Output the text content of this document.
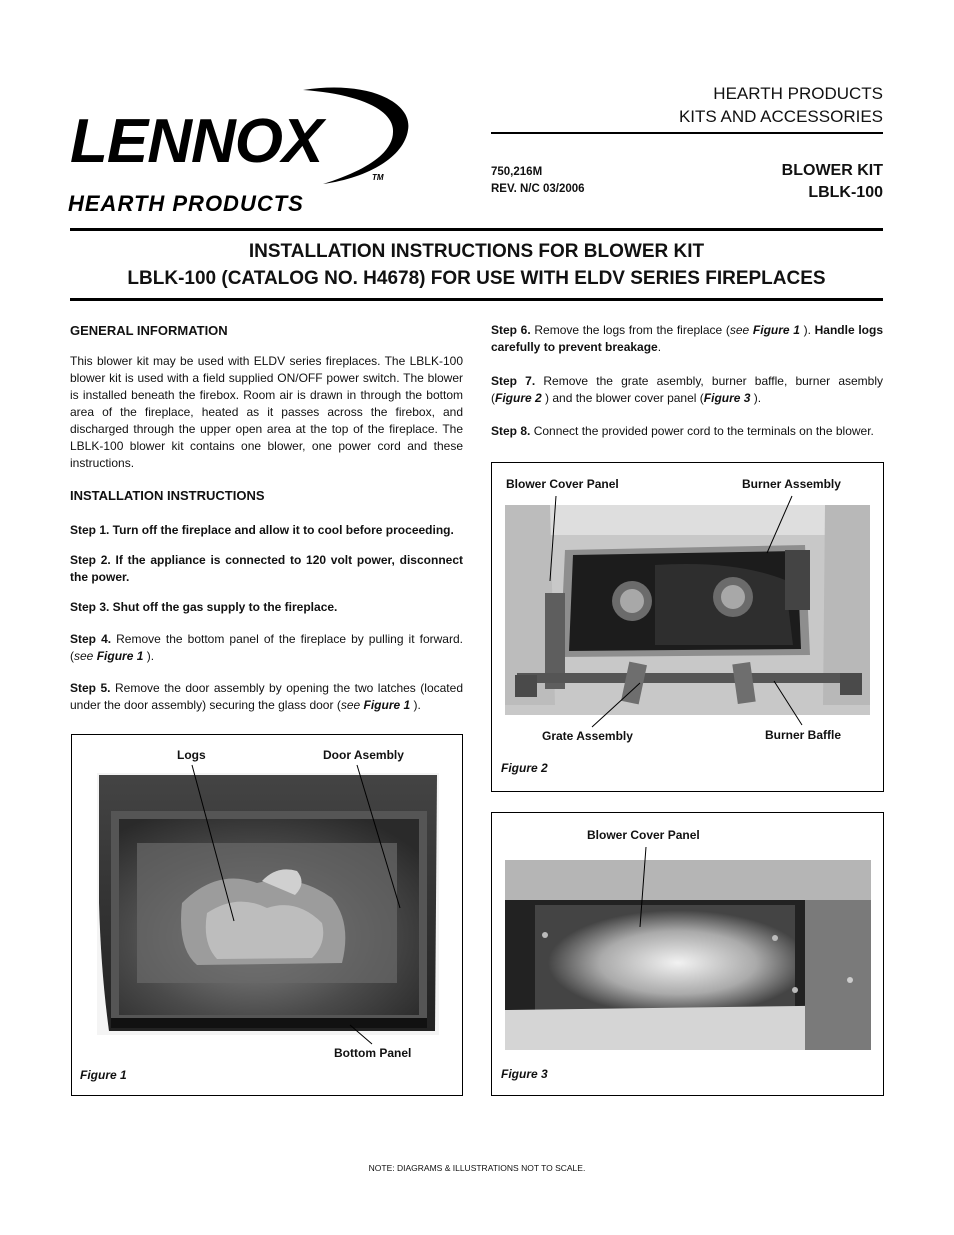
LENNOX
TM
HEARTH PRODUCTS
HEARTH PRODUCTS
KITS AND ACCESSORIES
750,216M
REV. N/C 03/2006
BLOWER KIT
LBLK-100
INSTALLATION INSTRUCTIONS FOR BLOWER KIT
LBLK-100 (CATALOG NO. H4678) FOR USE WITH ELDV SERIES FIREPLACES
GENERAL INFORMATION

This blower kit may be used with ELDV series fireplaces. The LBLK-100 blower kit is used with a field supplied ON/OFF power switch. The blower is installed beneath the firebox. Room air is drawn in through the bottom area of the fireplace, heated as it passes across the firebox, and discharged through the upper open area at the top of the fireplace. The LBLK-100 blower kit contains one blower, one power cord and these instructions.

INSTALLATION INSTRUCTIONS

Step 1. Turn off the fireplace and allow it to cool before proceeding.

Step 2. If the appliance is connected to 120 volt power, disconnect the power.

Step 3. Shut off the gas supply to the fireplace.

Step 4. Remove the bottom panel of the fireplace by pulling it forward. (see Figure 1 ).

Step 5. Remove the door assembly by opening the two latches (located under the door assembly) securing the glass door (see Figure 1 ).

Step 6. Remove the logs from the fireplace (see Figure 1 ). Handle logs carefully to prevent breakage.

Step 7. Remove the grate asembly, burner baffle, burner asembly (Figure 2 ) and the blower cover panel (Figure 3 ).

Step 8. Connect the provided power cord to the terminals on the blower.

Logs	Door Asembly
Bottom Panel
Figure 1
Blower Cover Panel	Burner Assembly
Grate Assembly	Burner Baffle
Figure 2
Blower Cover Panel
Figure 3
NOTE: DIAGRAMS & ILLUSTRATIONS NOT TO SCALE.
